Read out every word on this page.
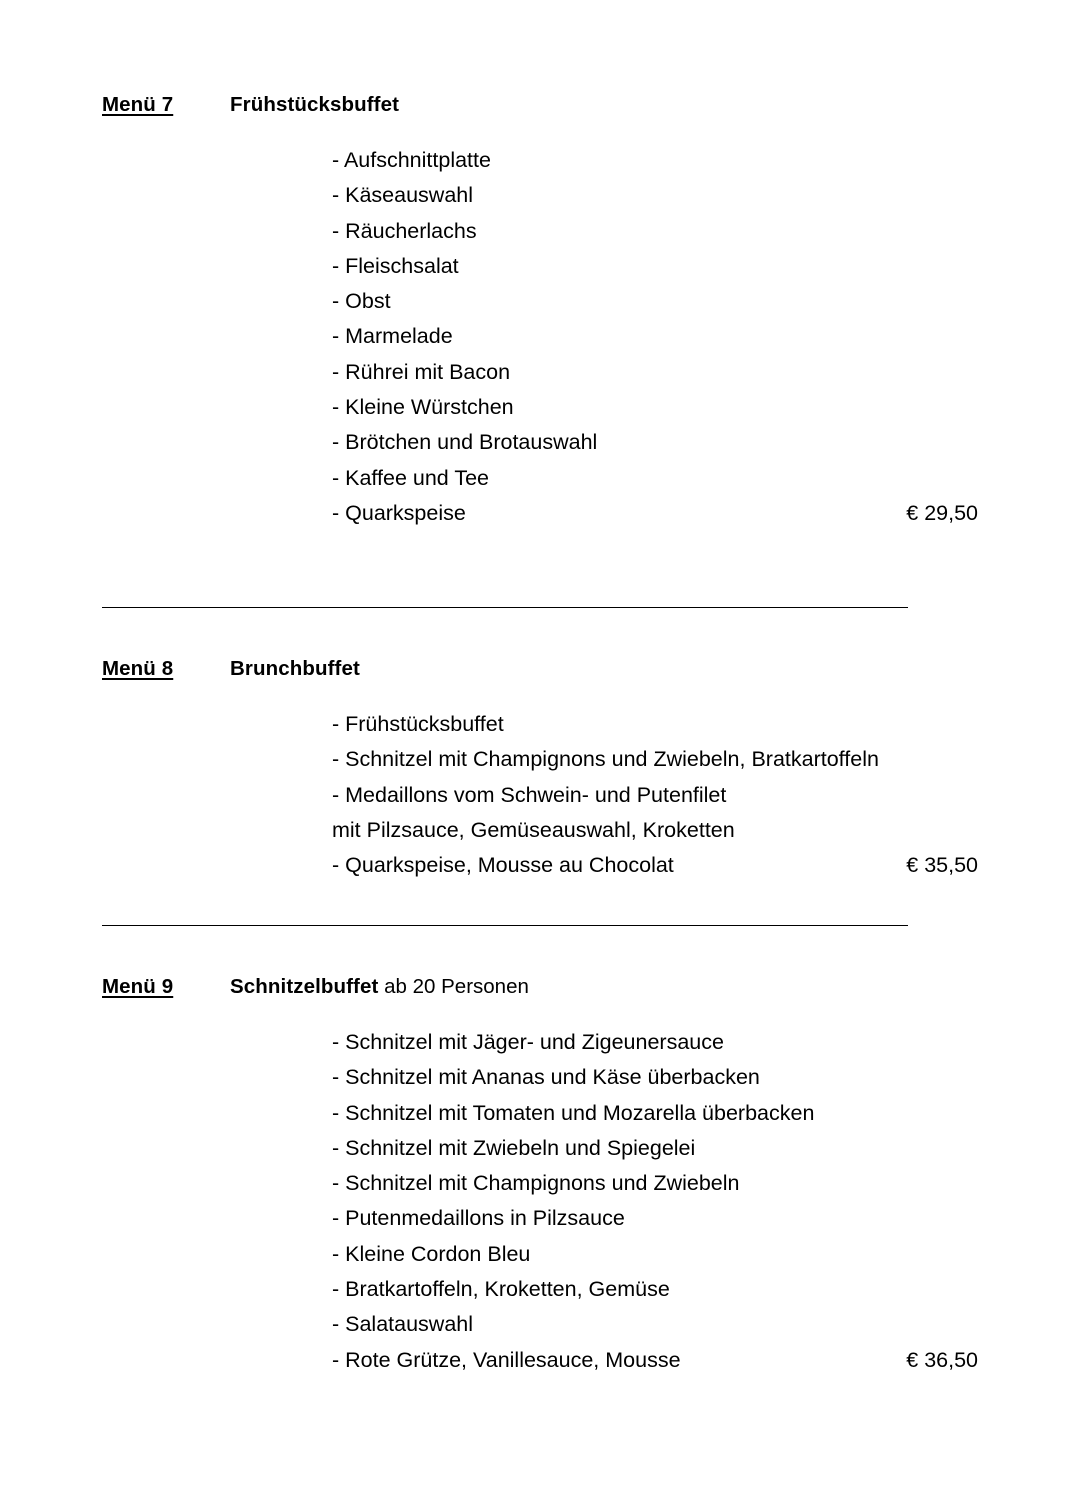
Menü 7	Frühstücksbuffet
- Aufschnittplatte
- Käseauswahl
- Räucherlachs
- Fleischsalat
- Obst
- Marmelade
- Rührei mit Bacon
- Kleine Würstchen
- Brötchen und Brotauswahl
- Kaffee und Tee
- Quarkspeise	€ 29,50
Menü 8	Brunchbuffet
- Frühstücksbuffet
- Schnitzel mit Champignons und Zwiebeln, Bratkartoffeln
- Medaillons vom Schwein- und Putenfilet
mit Pilzsauce, Gemüseauswahl, Kroketten
- Quarkspeise, Mousse au Chocolat	€ 35,50
Menü 9	Schnitzelbuffet ab 20 Personen
- Schnitzel mit Jäger- und Zigeunersauce
- Schnitzel mit Ananas und Käse überbacken
- Schnitzel mit Tomaten und Mozarella überbacken
- Schnitzel mit Zwiebeln und Spiegelei
- Schnitzel mit Champignons und Zwiebeln
- Putenmedaillons in Pilzsauce
- Kleine Cordon Bleu
- Bratkartoffeln, Kroketten, Gemüse
- Salatauswahl
- Rote Grütze, Vanillesauce, Mousse	€ 36,50
